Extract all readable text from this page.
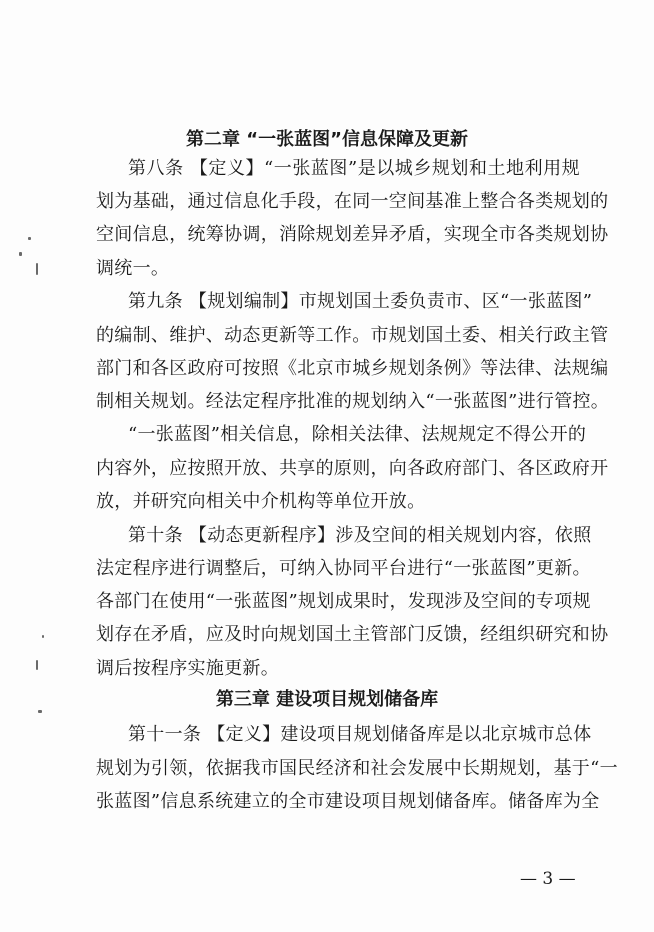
第二章 “一张蓝图”信息保障及更新
第八条 【定义】“一张蓝图”是以城乡规划和土地利用规
划为基础，通过信息化手段，在同一空间基准上整合各类规划的
空间信息，统筹协调，消除规划差异矛盾，实现全市各类规划协
调统一。
第九条 【规划编制】市规划国土委负责市、区“一张蓝图”
的编制、维护、动态更新等工作。市规划国土委、相关行政主管
部门和各区政府可按照《北京市城乡规划条例》等法律、法规编
制相关规划。经法定程序批准的规划纳入“一张蓝图”进行管控。
“一张蓝图”相关信息，除相关法律、法规规定不得公开的
内容外，应按照开放、共享的原则，向各政府部门、各区政府开
放，并研究向相关中介机构等单位开放。
第十条 【动态更新程序】涉及空间的相关规划内容，依照
法定程序进行调整后，可纳入协同平台进行“一张蓝图”更新。
各部门在使用“一张蓝图”规划成果时，发现涉及空间的专项规
划存在矛盾，应及时向规划国土主管部门反馈，经组织研究和协
调后按程序实施更新。
第三章 建设项目规划储备库
第十一条 【定义】建设项目规划储备库是以北京城市总体
规划为引领，依据我市国民经济和社会发展中长期规划，基于“一
张蓝图”信息系统建立的全市建设项目规划储备库。储备库为全
— 3 —
